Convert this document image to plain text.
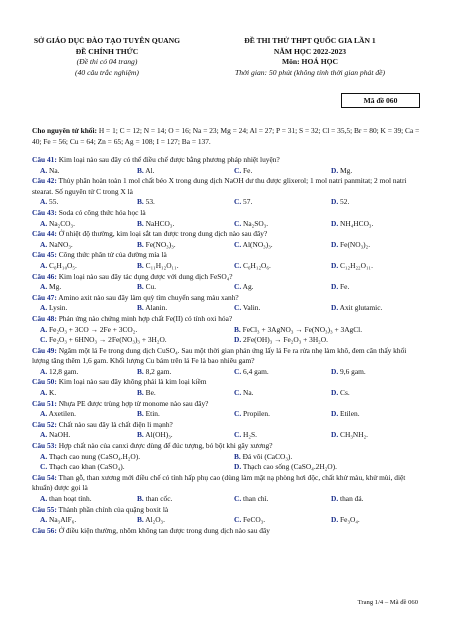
SỞ GIÁO DỤC ĐÀO TẠO TUYÊN QUANG
ĐỀ CHÍNH THỨC
(Đề thi có 04 trang)
(40 câu trắc nghiệm)
ĐỀ THI THỬ THPT QUỐC GIA LẦN 1
NĂM HỌC 2022-2023
Môn: HOÁ HỌC
Thời gian: 50 phút (không tính thời gian phát đề)
Mã đề 060
Cho nguyên tử khối: H = 1; C = 12; N = 14; O = 16; Na = 23; Mg = 24; Al = 27; P = 31; S = 32; Cl = 35,5; Br = 80; K = 39; Ca = 40; Fe = 56; Cu = 64; Zn = 65; Ag = 108; I = 127; Ba = 137.
Câu 41: Kim loại nào sau đây có thể điều chế được bằng phương pháp nhiệt luyện?
A. Na.	B. Al.	C. Fe.	D. Mg.
Câu 42: Thủy phân hoàn toàn 1 mol chất béo X trong dung dịch NaOH dư thu được glixerol; 1 mol natri panmitat; 2 mol natri stearat. Số nguyên tử C trong X là
A. 55.	B. 53.	C. 57.	D. 52.
Câu 43: Soda có công thức hóa học là
A. Na₂CO₃.	B. NaHCO₃.	C. Na₂SO₃.	D. NH₄HCO₃.
Câu 44: Ở nhiệt độ thường, kim loại sắt tan được trong dung dịch nào sau đây?
A. NaNO₃.	B. Fe(NO₃)₃.	C. Al(NO₃)₃.	D. Fe(NO₃)₂.
Câu 45: Công thức phân tử của đường mía là
A. C₆H₁₀O₅.	B. C₁₁H₁₂O₁₁.	C. C₆H₁₂O₆.	D. C₁₂H₂₂O₁₁.
Câu 46: Kim loại nào sau đây tác dụng được với dung dịch FeSO₄?
A. Mg.	B. Cu.	C. Ag.	D. Fe.
Câu 47: Amino axit nào sau đây làm quỳ tím chuyển sang màu xanh?
A. Lysin.	B. Alanin.	C. Valin.	D. Axit glutamic.
Câu 48: Phản ứng nào chứng minh hợp chất Fe(II) có tính oxi hóa?
A. Fe₂O₃ + 3CO → 2Fe + 3CO₂.	B. FeCl₃ + 3AgNO₃ → Fe(NO₃)₃ + 3AgCl.
C. Fe₂O₃ + 6HNO₃ → 2Fe(NO₃)₃ + 3H₂O.	D. 2Fe(OH)₃ → Fe₂O₃ + 3H₂O.
Câu 49: Ngâm một lá Fe trong dung dịch CuSO₄. Sau một thời gian phản ứng lấy lá Fe ra rửa nhẹ làm khô, đem cân thấy khối lượng tăng thêm 1,6 gam. Khối lượng Cu bám trên lá Fe là bao nhiêu gam?
A. 12,8 gam.	B. 8,2 gam.	C. 6,4 gam.	D. 9,6 gam.
Câu 50: Kim loại nào sau đây không phải là kim loại kiềm
A. K.	B. Be.	C. Na.	D. Cs.
Câu 51: Nhựa PE được trùng hợp từ monome nào sau đây?
A. Axetilen.	B. Etin.	C. Propilen.	D. Etilen.
Câu 52: Chất nào sau đây là chất điện li mạnh?
A. NaOH.	B. Al(OH)₃.	C. H₂S.	D. CH₃NH₂.
Câu 53: Hợp chất nào của canxi được dùng để đúc tượng, bó bột khi gãy xương?
A. Thạch cao nung (CaSO₄.H₂O).	B. Đá vôi (CaCO₃).
C. Thạch cao khan (CaSO₄).	D. Thạch cao sống (CaSO₄.2H₂O).
Câu 54: Than gỗ, than xương mới điều chế có tính hấp phụ cao (dùng làm mặt nạ phòng hơi độc, chất khử màu, khử mùi, diệt khuẩn) được gọi là
A. than hoạt tính.	B. than cốc.	C. than chì.	D. than đá.
Câu 55: Thành phần chính của quặng boxit là
A. Na₃AlF₆.	B. Al₂O₃.	C. FeCO₃.	D. Fe₃O₄.
Câu 56: Ở điều kiện thường, nhôm không tan được trong dung dịch nào sau đây
Trang 1/4 – Mã đề 060
